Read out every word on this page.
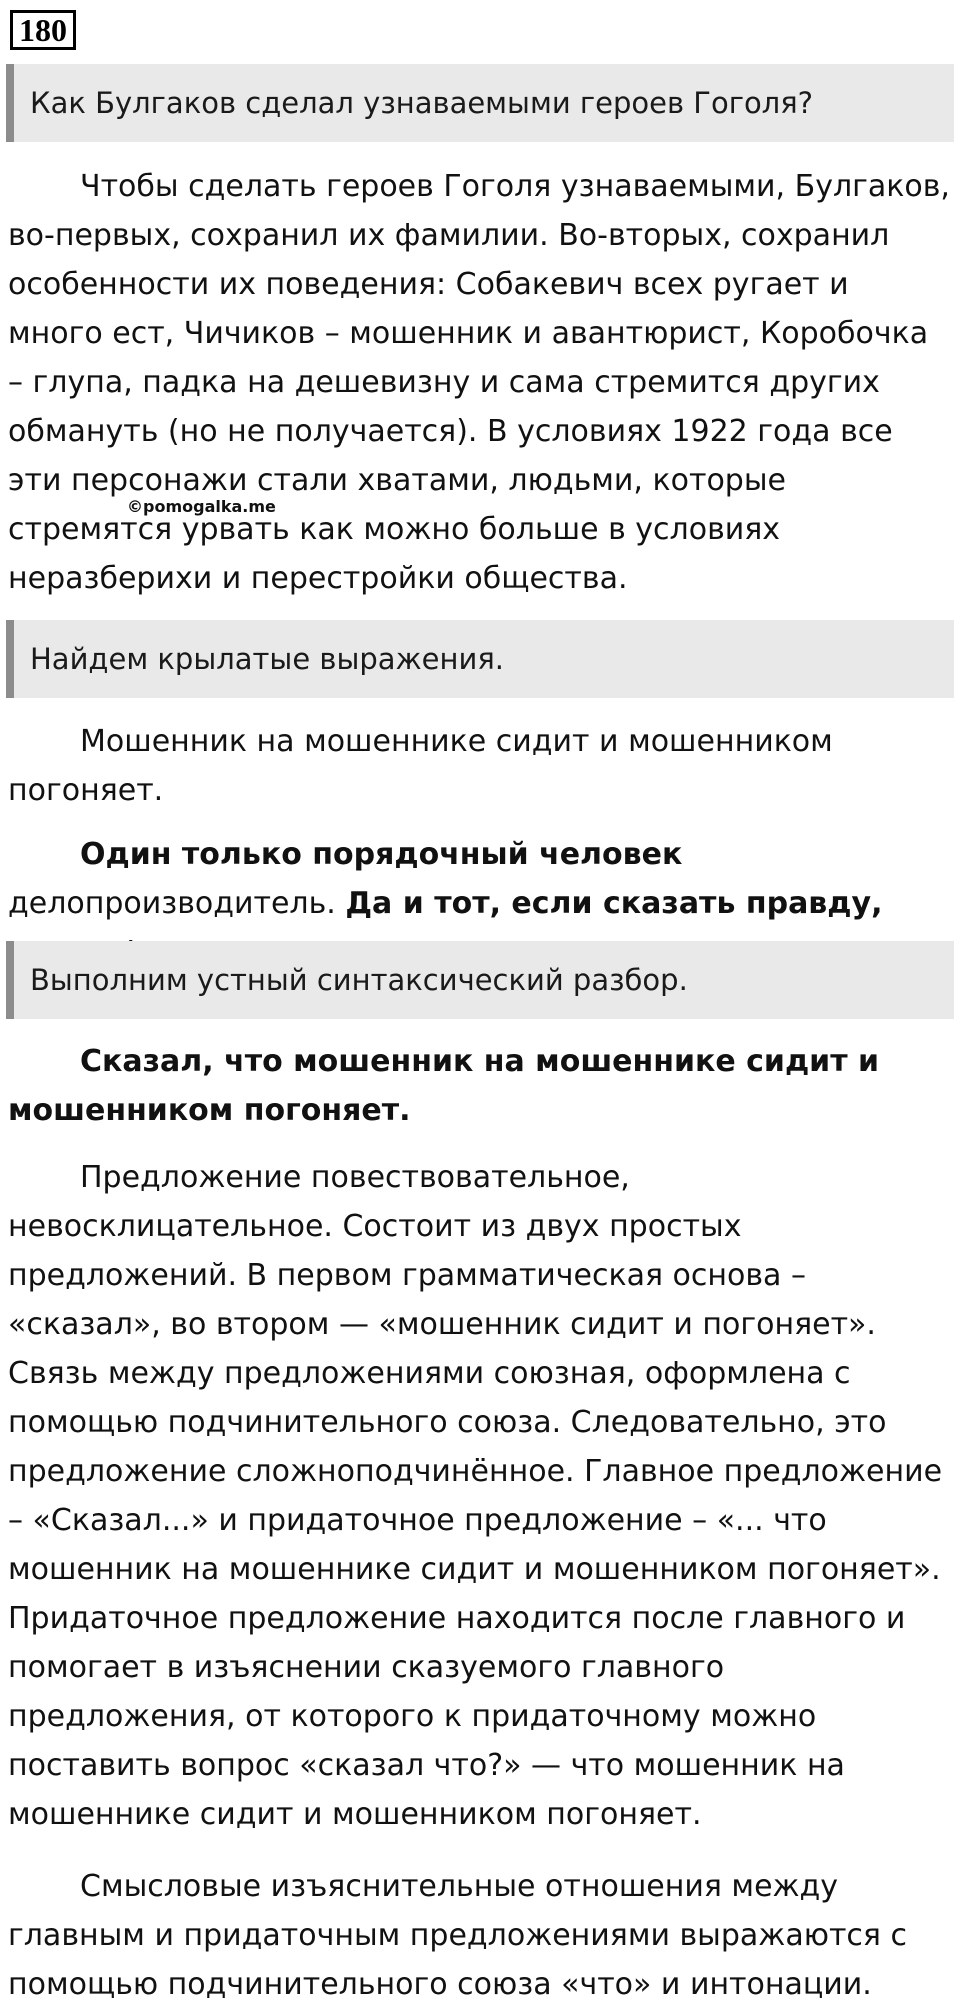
180
Как Булгаков сделал узнаваемыми героев Гоголя?

Чтобы сделать героев Гоголя узнаваемыми, Булгаков, во-первых, сохранил их фамилии. Во-вторых, сохранил особенности их поведения: Собакевич всех ругает и много ест, Чичиков – мошенник и авантюрист, Коробочка – глупа, падка на дешевизну и сама стремится других обмануть (но не получается). В условиях 1922 года все эти персонажи стали хватами, людьми, которые стремятся урвать как можно больше в условиях неразберихи и перестройки общества.

©pomogalka.me
Найдем крылатые выражения.

Мошенник на мошеннике сидит и мошенником погоняет.

Один только порядочный человек делопроизводитель. Да и тот, если сказать правду,

Выполним устный синтаксический разбор.

Сказал, что мошенник на мошеннике сидит и мошенником погоняет.

Предложение повествовательное, невосклицательное. Состоит из двух простых предложений. В первом грамматическая основа – «сказал», во втором — «мошенник сидит и погоняет». Связь между предложениями союзная, оформлена с помощью подчинительного союза. Следовательно, это предложение сложноподчинённое. Главное предложение – «Сказал...» и придаточное предложение – «... что мошенник на мошеннике сидит и мошенником погоняет». Придаточное предложение находится после главного и помогает в изъяснении сказуемого главного предложения, от которого к придаточному можно поставить вопрос «сказал что?» — что мошенник на мошеннике сидит и мошенником погоняет.

Смысловые изъяснительные отношения между главным и придаточным предложениями выражаются с помощью подчинительного союза «что» и интонации.
